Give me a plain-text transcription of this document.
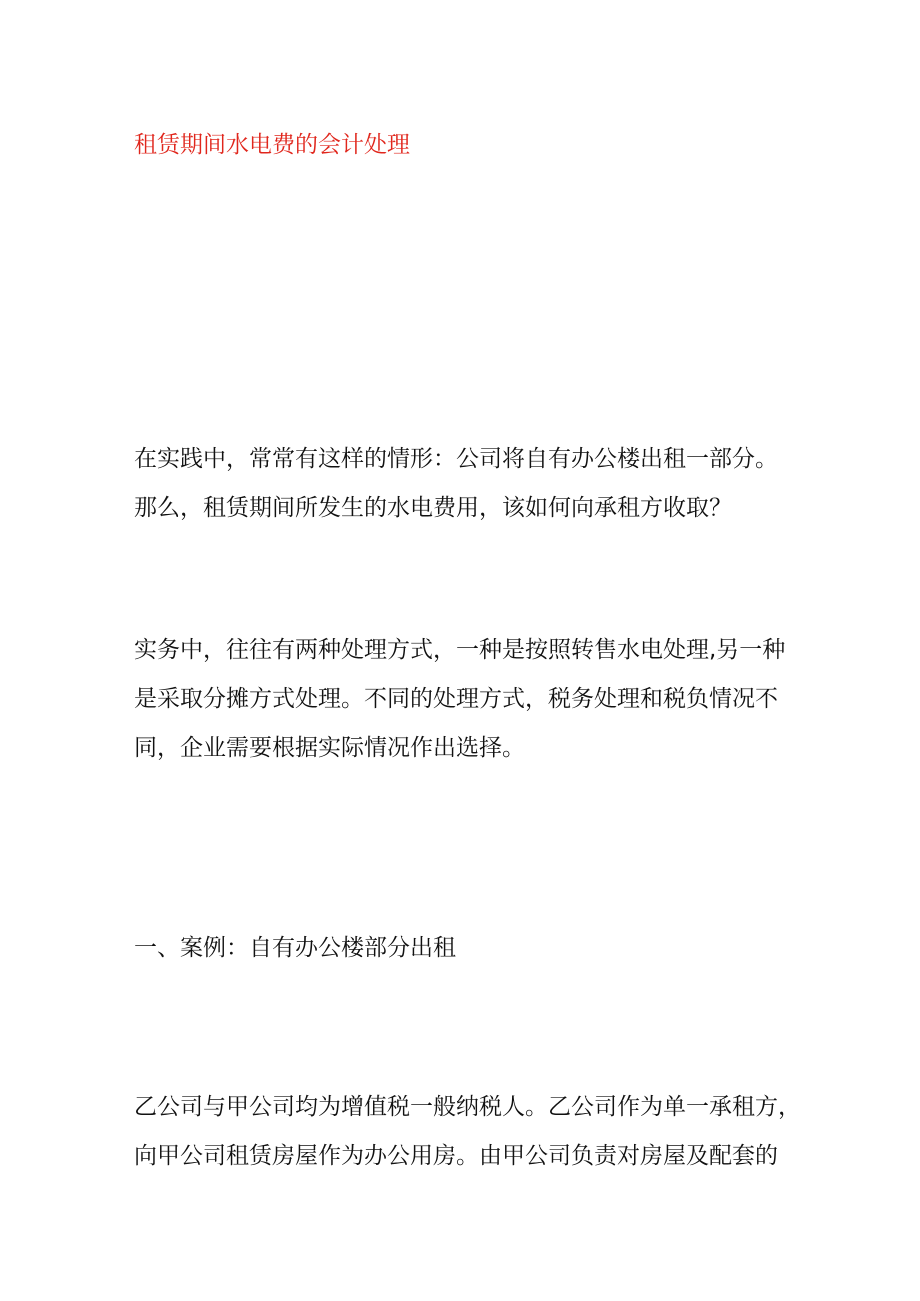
租赁期间水电费的会计处理

在实践中，常常有这样的情形：公司将自有办公楼出租一部分。
那么，租赁期间所发生的水电费用，该如何向承租方收取？

实务中，往往有两种处理方式，一种是按照转售水电处理,另一种
是采取分摊方式处理。不同的处理方式，税务处理和税负情况不
同，企业需要根据实际情况作出选择。

一、案例：自有办公楼部分出租

乙公司与甲公司均为增值税一般纳税人。乙公司作为单一承租方，
向甲公司租赁房屋作为办公用房。由甲公司负责对房屋及配套的
